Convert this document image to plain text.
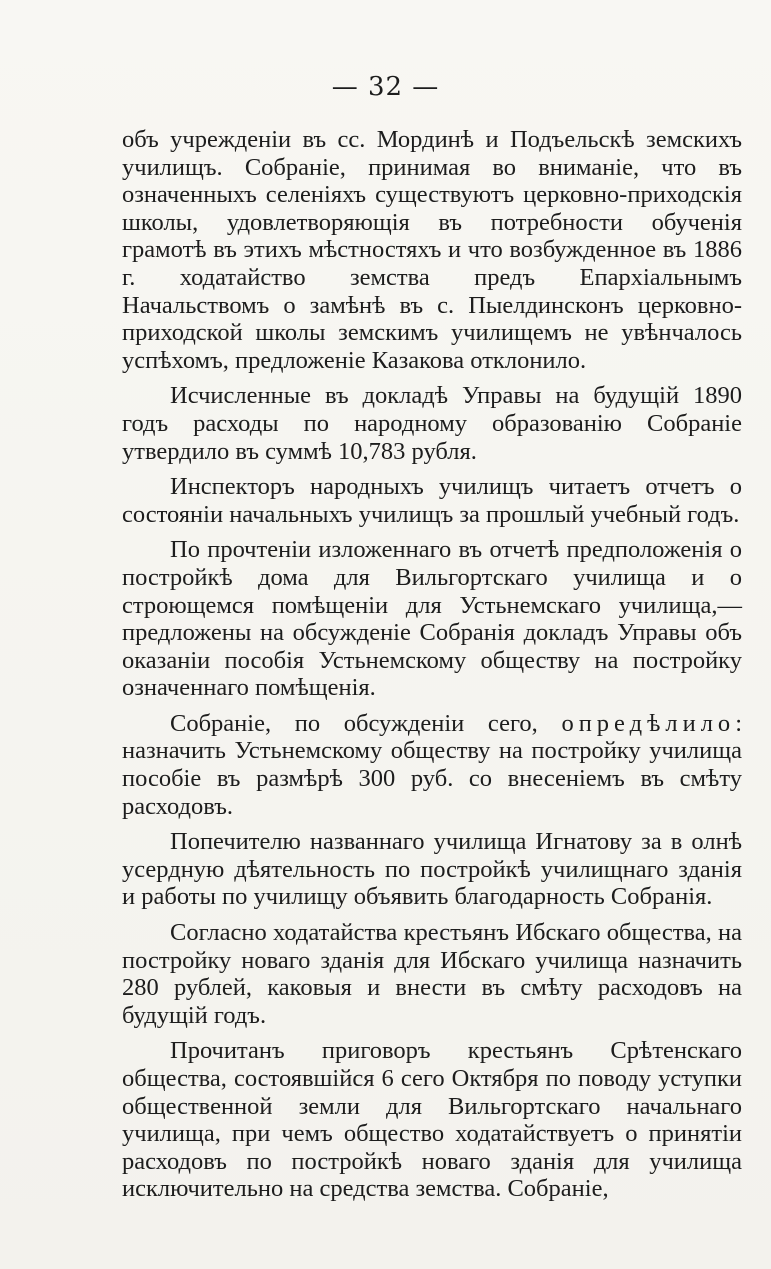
— 32 —

объ учрежденіи въ сс. Мординѣ и Подъельскѣ земскихъ училищъ. Собраніе, принимая во вниманіе, что въ означенныхъ селеніяхъ существуютъ церковно-приходскія школы, удовлетворяющія въ потребности обученія грамотѣ въ этихъ мѣстностяхъ и что возбужденное въ 1886 г. ходатайство земства предъ Епархіальнымъ Начальствомъ о замѣнѣ въ с. Пыелдинсконъ церковно-приходской школы земскимъ училищемъ не увѣнчалось успѣхомъ, предложеніе Казакова отклонило.

Исчисленные въ докладѣ Управы на будущій 1890 годъ расходы по народному образованію Собраніе утвердило въ суммѣ 10,783 рубля.

Инспекторъ народныхъ училищъ читаетъ отчетъ о состояніи начальныхъ училищъ за прошлый учебный годъ.

По прочтеніи изложеннаго въ отчетѣ предположенія о постройкѣ дома для Вильгортскаго училища и о строющемся помѣщеніи для Устьнемскаго училища,— предложены на обсужденіе Собранія докладъ Управы объ оказаніи пособія Устьнемскому обществу на постройку означеннаго помѣщенія.

Собраніе, по обсужденіи сего, опредѣлило: назначить Устьнемскому обществу на постройку училища пособіе въ размѣрѣ 300 руб. со внесеніемъ въ смѣту расходовъ.

Попечителю названнаго училища Игнатову за в олнѣ усердную дѣятельность по постройкѣ училищнаго зданія и работы по училищу объявить благодарность Собранія.

Согласно ходатайства крестьянъ Ибскаго общества, на постройку новаго зданія для Ибскаго училища назначить 280 рублей, каковыя и внести въ смѣту расходовъ на будущій годъ.

Прочитанъ приговоръ крестьянъ Срѣтенскаго общества, состоявшійся 6 сего Октября по поводу уступки общественной земли для Вильгортскаго начальнаго училища, при чемъ общество ходатайствуетъ о принятіи расходовъ по постройкѣ новаго зданія для училища исключительно на средства земства. Собраніе,
